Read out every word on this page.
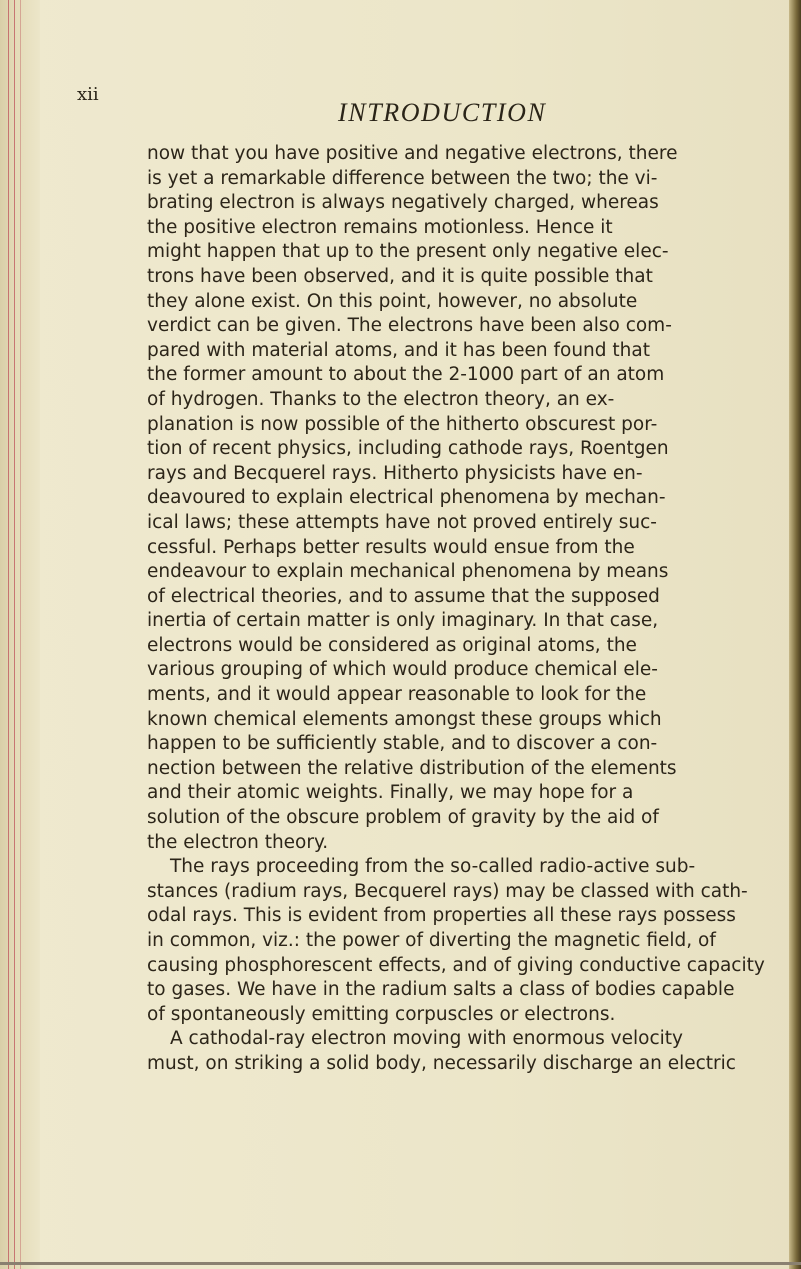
xii
INTRODUCTION
now that you have positive and negative electrons, there
is yet a remarkable difference between the two; the vi-
brating electron is always negatively charged, whereas
the positive electron remains motionless. Hence it
might happen that up to the present only negative elec-
trons have been observed, and it is quite possible that
they alone exist. On this point, however, no absolute
verdict can be given. The electrons have been also com-
pared with material atoms, and it has been found that
the former amount to about the 2-1000 part of an atom
of hydrogen. Thanks to the electron theory, an ex-
planation is now possible of the hitherto obscurest por-
tion of recent physics, including cathode rays, Roentgen
rays and Becquerel rays. Hitherto physicists have en-
deavoured to explain electrical phenomena by mechan-
ical laws; these attempts have not proved entirely suc-
cessful. Perhaps better results would ensue from the
endeavour to explain mechanical phenomena by means
of electrical theories, and to assume that the supposed
inertia of certain matter is only imaginary. In that case,
electrons would be considered as original atoms, the
various grouping of which would produce chemical ele-
ments, and it would appear reasonable to look for the
known chemical elements amongst these groups which
happen to be sufficiently stable, and to discover a con-
nection between the relative distribution of the elements
and their atomic weights. Finally, we may hope for a
solution of the obscure problem of gravity by the aid of
the electron theory.
The rays proceeding from the so-called radio-active sub-
stances (radium rays, Becquerel rays) may be classed with cath-
odal rays. This is evident from properties all these rays possess
in common, viz.: the power of diverting the magnetic field, of
causing phosphorescent effects, and of giving conductive capacity
to gases. We have in the radium salts a class of bodies capable
of spontaneously emitting corpuscles or electrons.
A cathodal-ray electron moving with enormous velocity
must, on striking a solid body, necessarily discharge an electric
